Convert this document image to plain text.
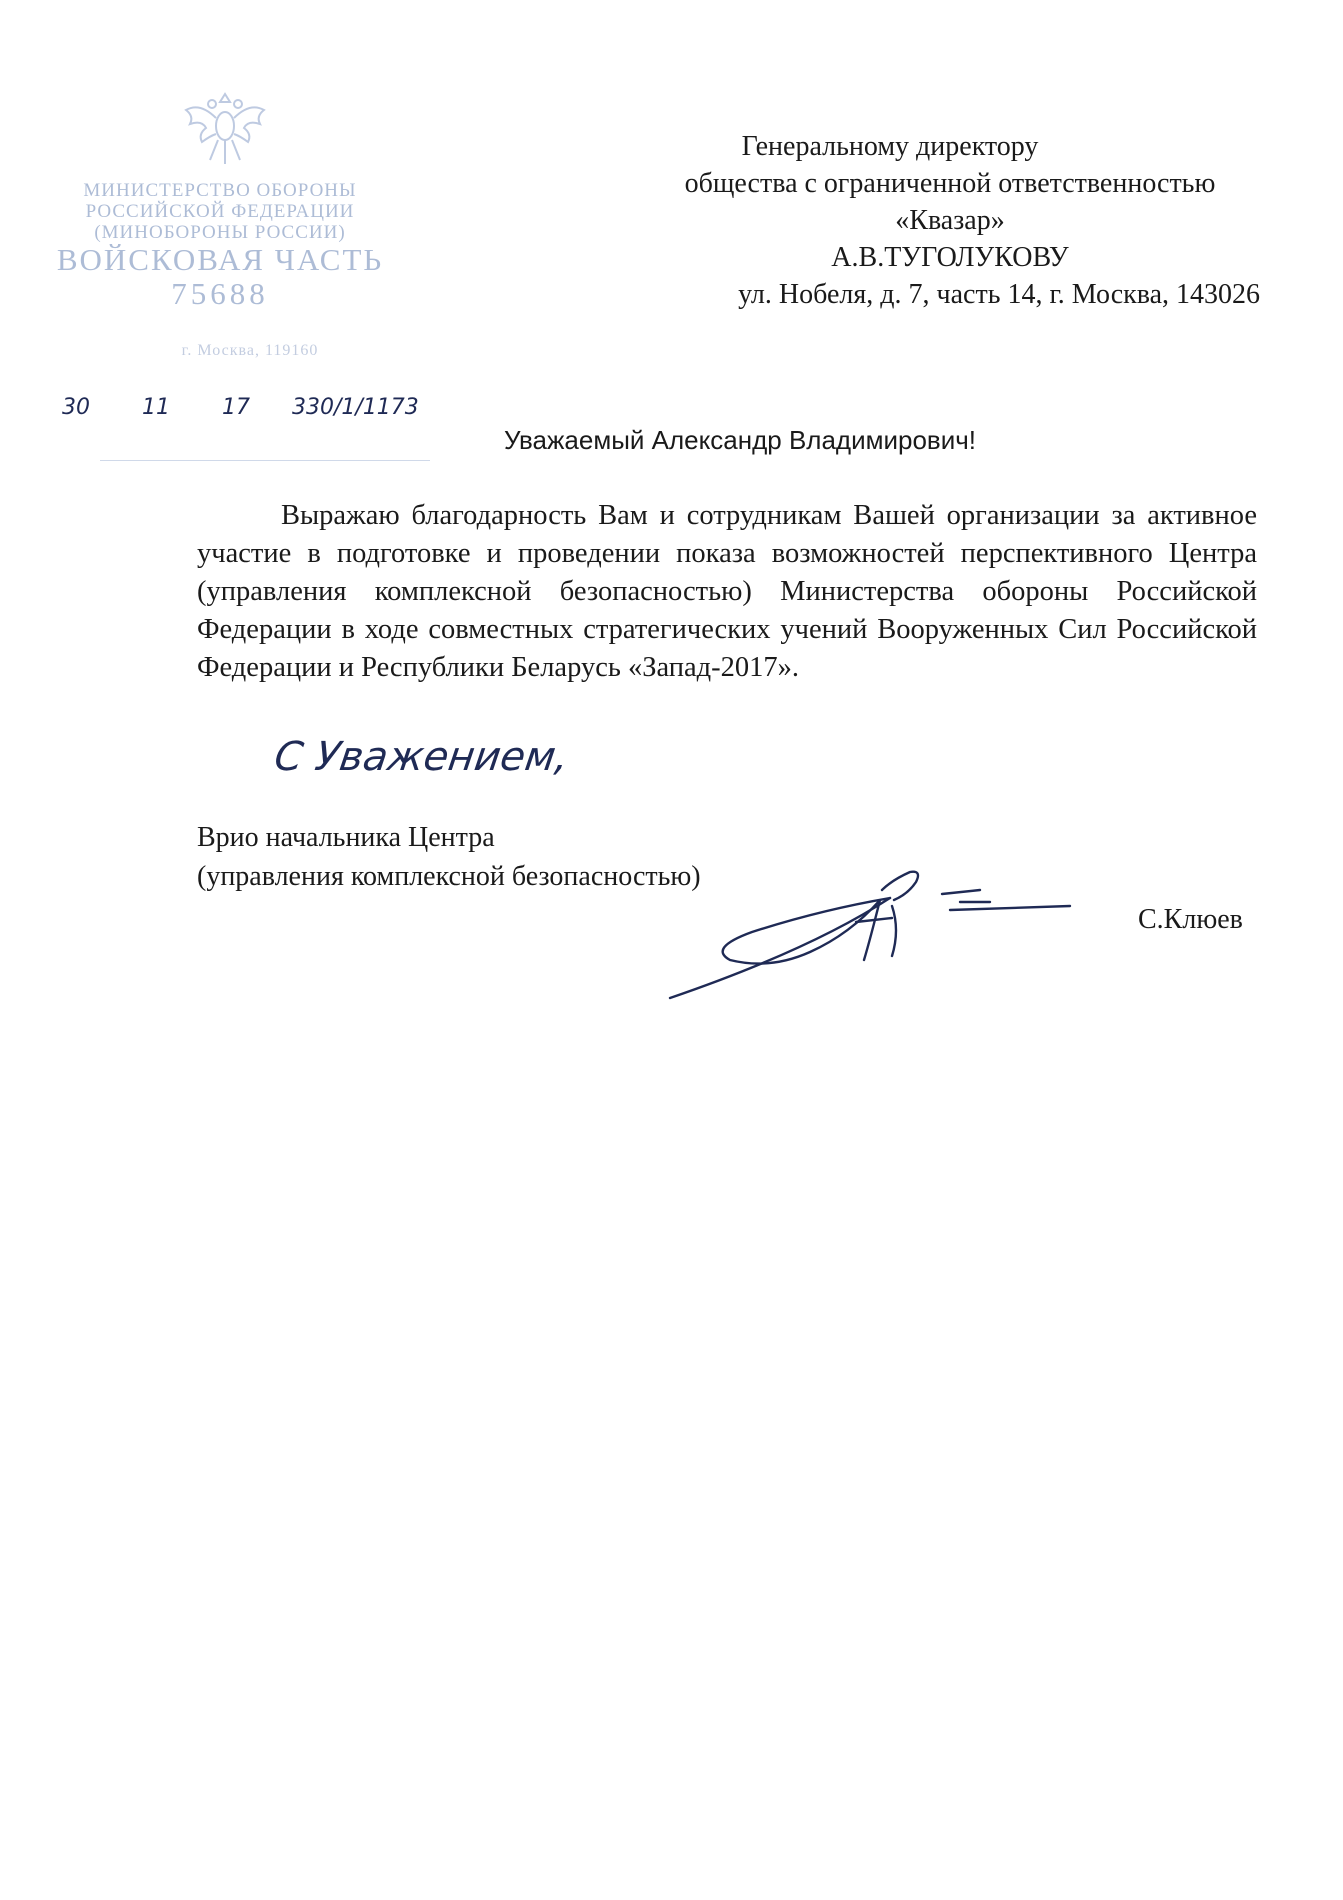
МИНИСТЕРСТВО ОБОРОНЫ
РОССИЙСКОЙ ФЕДЕРАЦИИ
(МИНОБОРОНЫ РОССИИ)
ВОЙСКОВАЯ ЧАСТЬ
75688
г. Москва, 119160
30 11 17 330/1/1173
Генеральному директору
общества с ограниченной ответственностью
«Квазар»
А.В.ТУГОЛУКОВУ
ул. Нобеля, д. 7, часть 14, г. Москва, 143026
Уважаемый Александр Владимирович!

Выражаю благодарность Вам и сотрудникам Вашей организации за активное участие в подготовке и проведении показа возможностей перспективного Центра (управления комплексной безопасностью) Министерства обороны Российской Федерации в ходе совместных стратегических учений Вооруженных Сил Российской Федерации и Республики Беларусь «Запад-2017».

С Уважением,
Врио начальника Центра
(управления комплексной безопасностью)
С.Клюев
